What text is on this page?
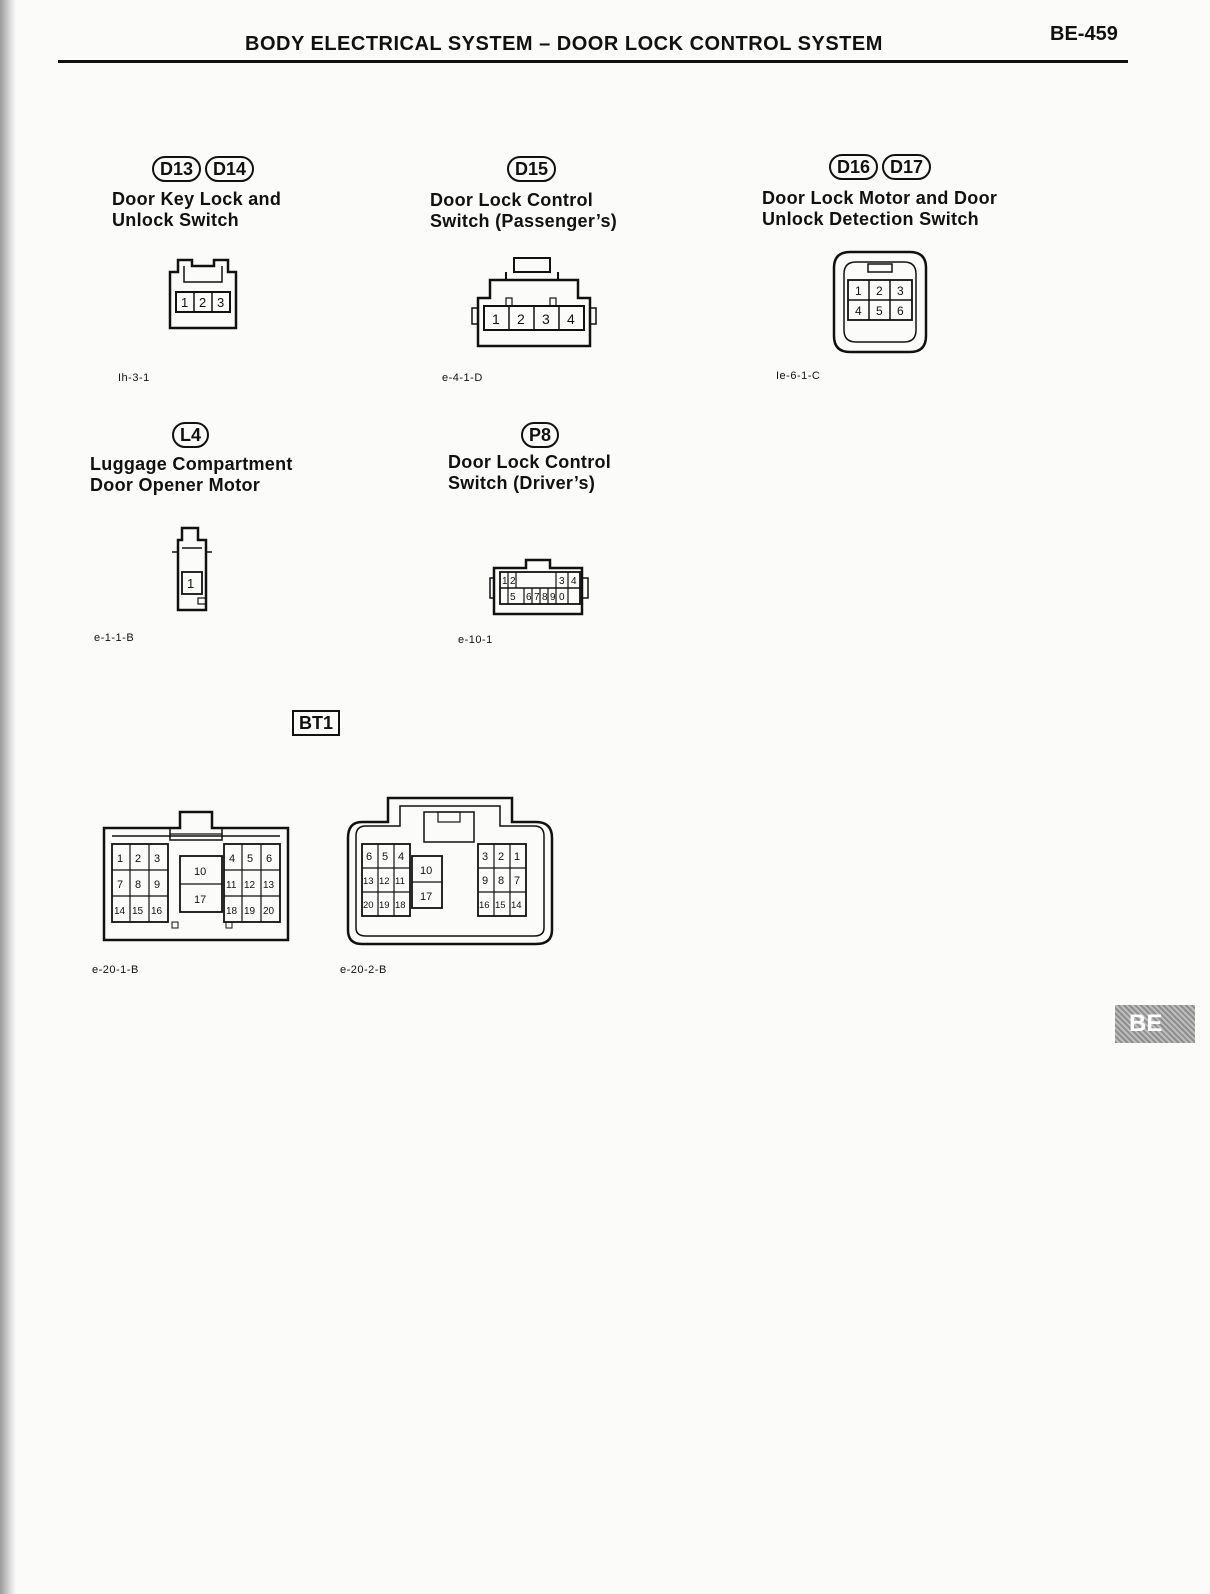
BODY ELECTRICAL SYSTEM – DOOR LOCK CONTROL SYSTEM	BE-459
D13	D14
Door Key Lock and
Unlock Switch
1 2 3
Ih-3-1
D15
Door Lock Control
Switch (Passenger’s)
1 2 3 4
e-4-1-D
D16	D17
Door Lock Motor and Door
Unlock Detection Switch
1 2 3
4 5 6
Ie-6-1-C
L4
Luggage Compartment
Door Opener Motor
1
e-1-1-B
P8
Door Lock Control
Switch (Driver’s)
1 2	3 4
5 6 7 8 9 0
e-10-1
BT1
1 2 3
7 8 9
14 15 16
10
17
4 5 6
11 12 13
18 19 20
e-20-1-B
6 5 4
13 12 11
20 19 18
10
17
3 2 1
9 8 7
16 15 14
e-20-2-B
BE
